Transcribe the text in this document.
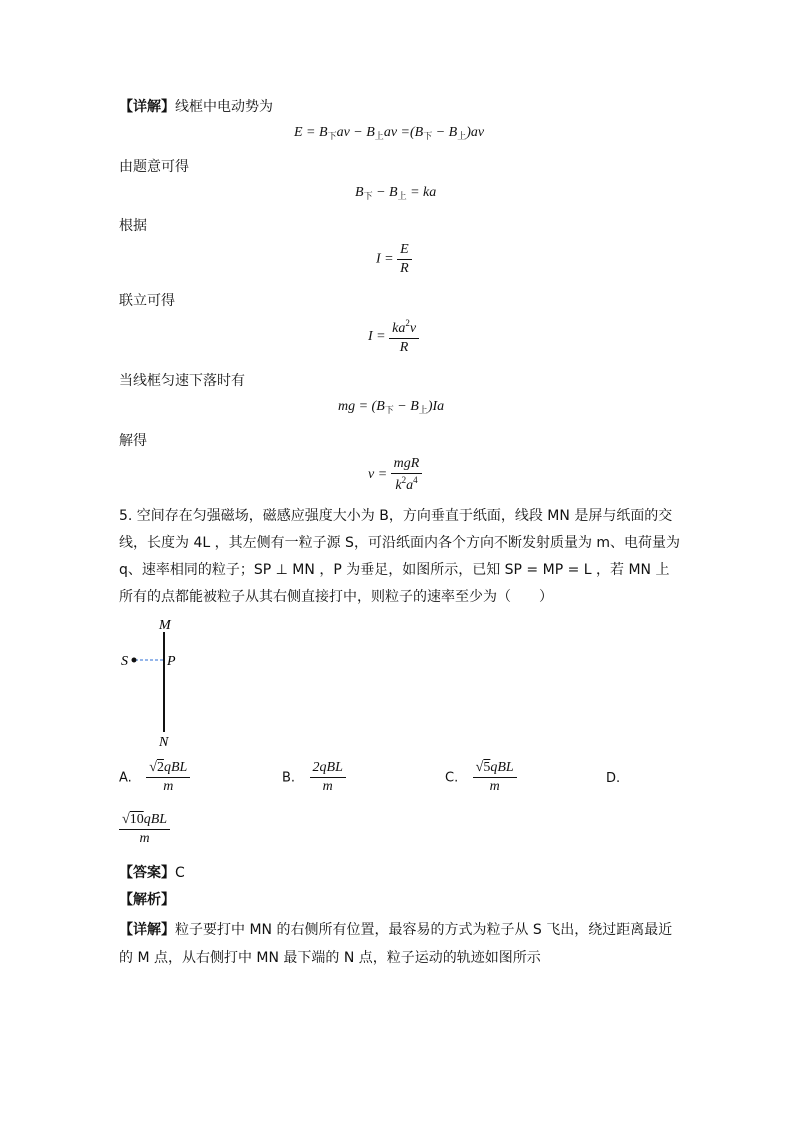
【详解】线框中电动势为
$E = B_下av - B_上av =(B_下 - B_上)av$
由题意可得
$B_下 - B_上$ = ka
根据
$I = \frac{E}{R}$
联立可得
$I = \frac{ka^2v}{R}$
当线框匀速下落时有
mg = $(B_下 - B_上)Ia$
解得
$v = \frac{\text{mgR}}{k^2a^4}$
5. 空间存在匀强磁场，磁感应强度大小为 B，方向垂直于纸面，线段 MN 是屏与纸面的交
线，长度为 4L ，其左侧有一粒子源 S，可沿纸面内各个方向不断发射质量为 m、电荷量为
q、速率相同的粒子；SP ⊥ MN ，P 为垂足，如图所示，已知 SP = MP = L ，若 MN 上
所有的点都能被粒子从其右侧直接打中，则粒子的速率至少为（　　）
M
S	P
N
A. $\frac{\text{√2qBL}}{m}$	B. $\frac{\text{2qBL}}{m}$	C. $\frac{\text{√5qBL}}{m}$	D.
$\frac{\text{√10qBL}}{m}$
【答案】C
【解析】
【详解】粒子要打中 MN 的右侧所有位置，最容易的方式为粒子从 S 飞出，绕过距离最近
的 M 点，从右侧打中 MN 最下端的 N 点，粒子运动的轨迹如图所示
